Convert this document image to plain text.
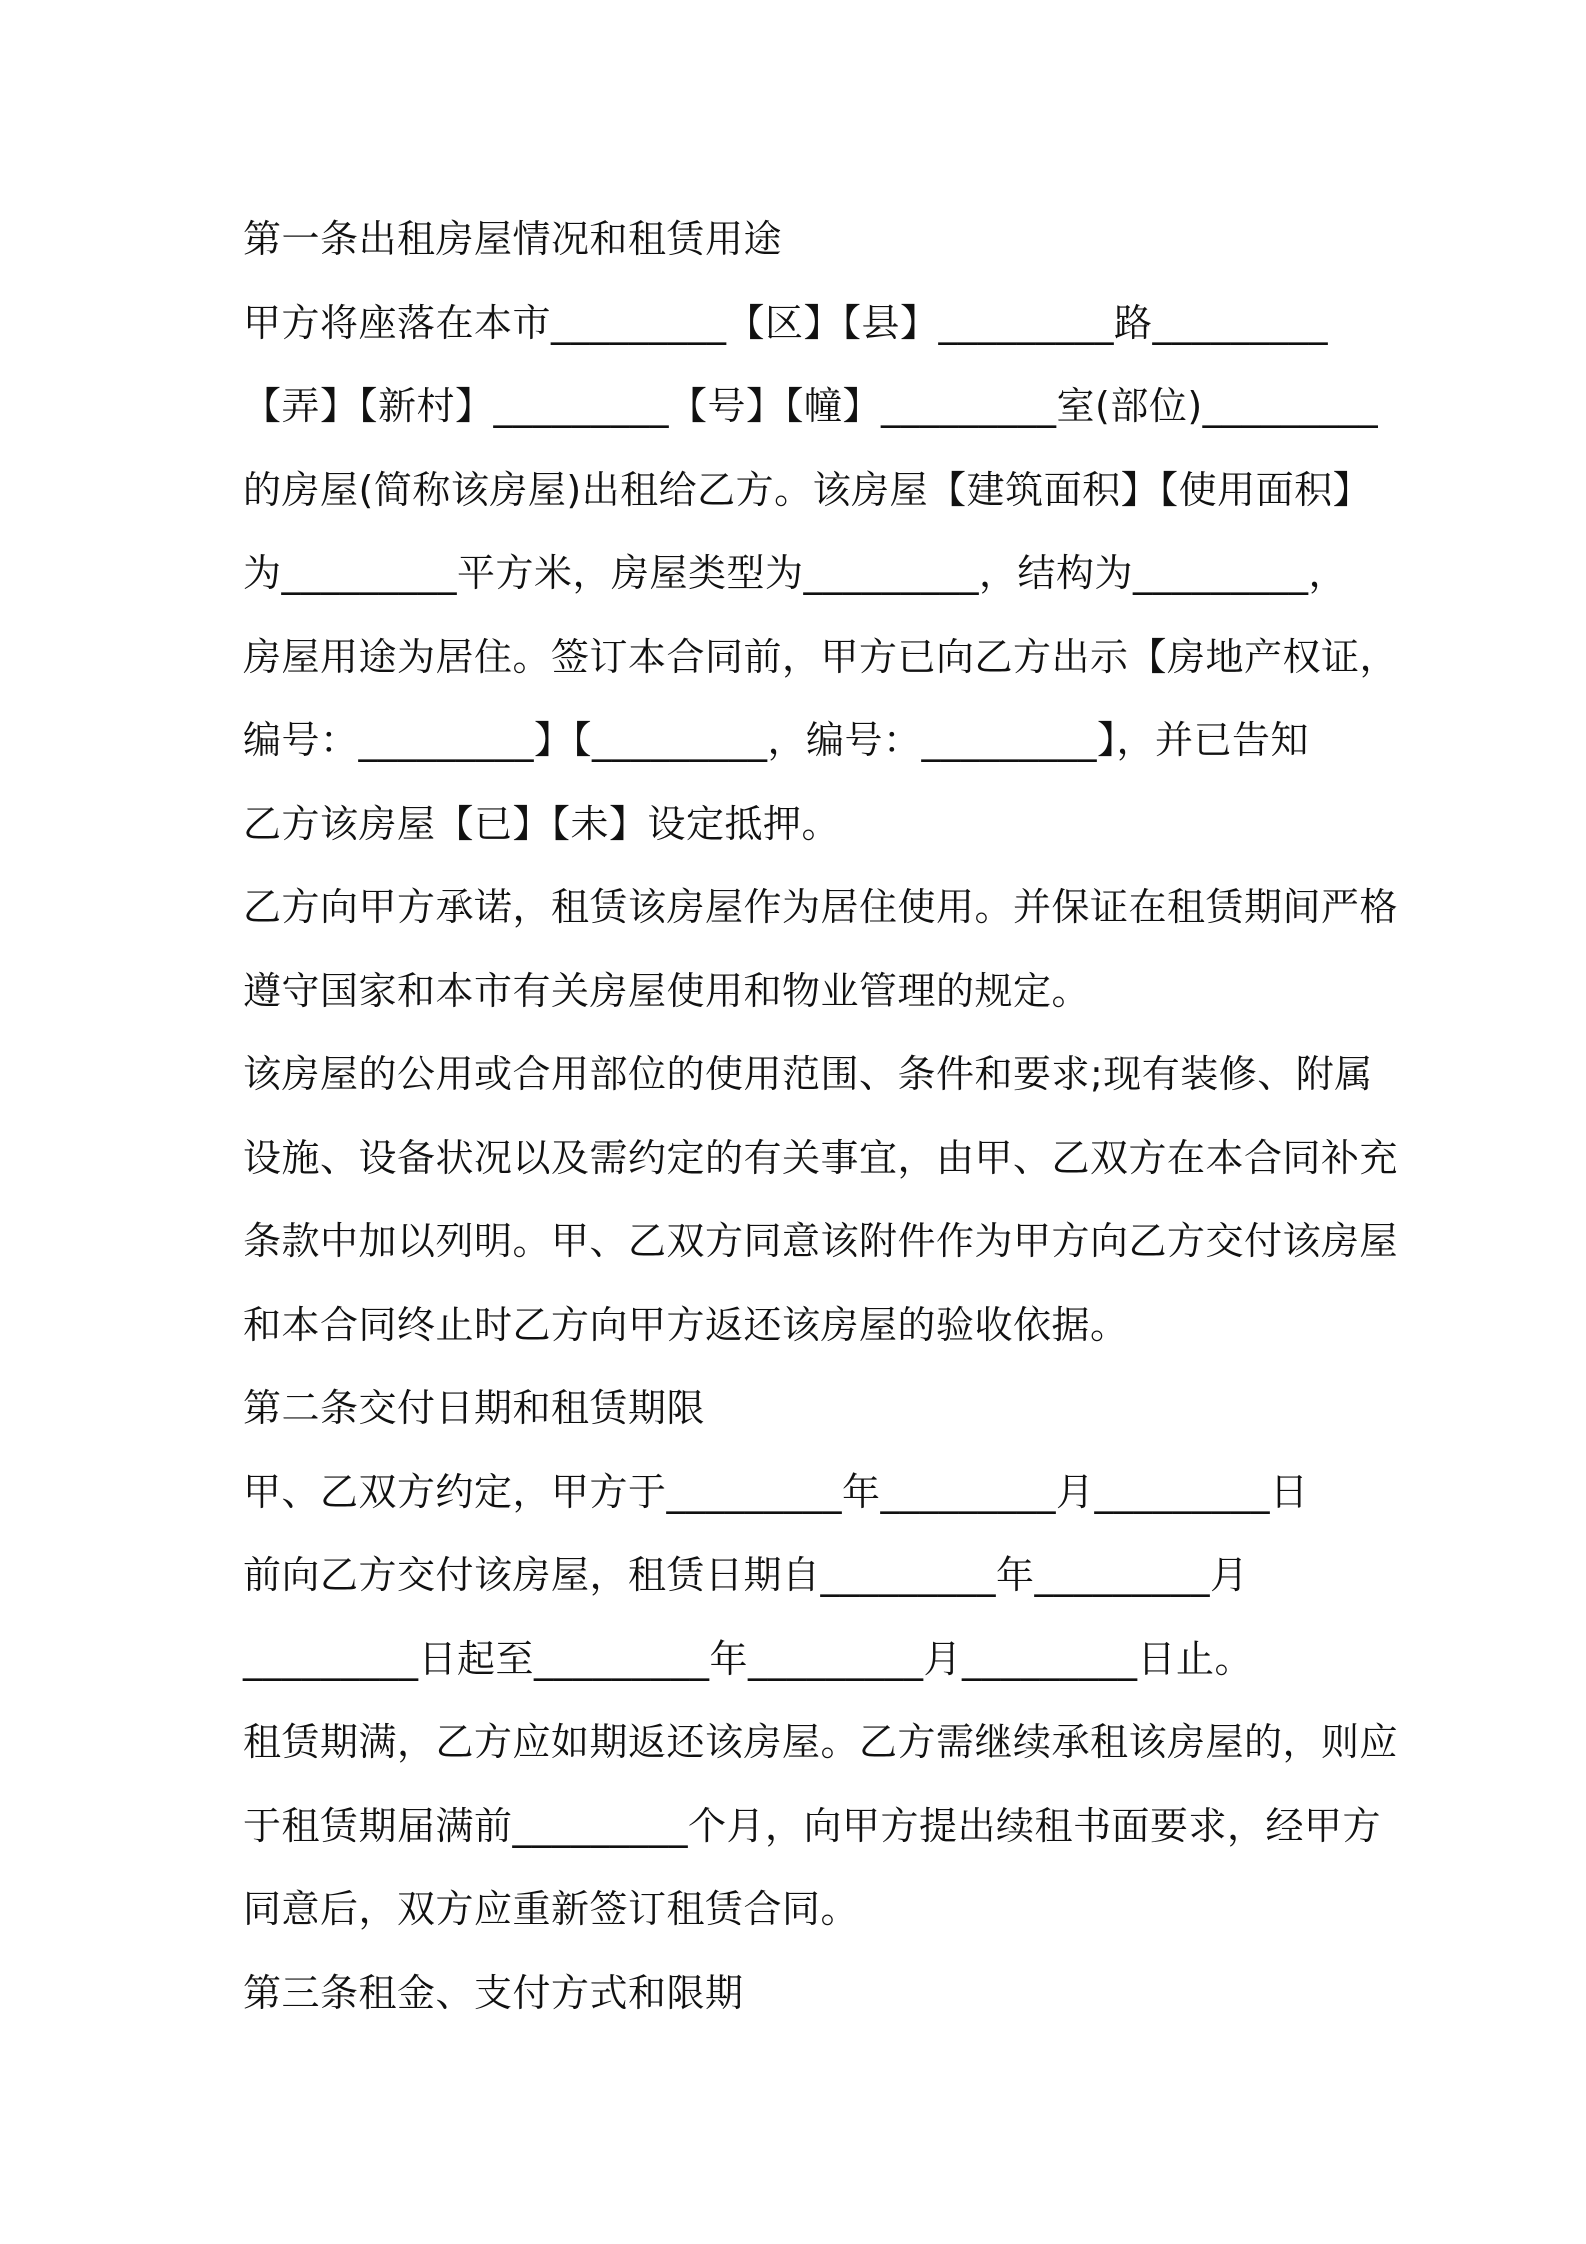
第一条出租房屋情况和租赁用途
甲方将座落在本市_________【区】【县】_________路_________
【弄】【新村】_________【号】【幢】_________室(部位)_________
的房屋(简称该房屋)出租给乙方。该房屋【建筑面积】【使用面积】
为_________平方米，房屋类型为_________，结构为_________，
房屋用途为居住。签订本合同前，甲方已向乙方出示【房地产权证，
编号：_________】【_________，编号：_________】，并已告知
乙方该房屋【已】【未】设定抵押。
乙方向甲方承诺，租赁该房屋作为居住使用。并保证在租赁期间严格
遵守国家和本市有关房屋使用和物业管理的规定。
该房屋的公用或合用部位的使用范围、条件和要求;现有装修、附属
设施、设备状况以及需约定的有关事宜，由甲、乙双方在本合同补充
条款中加以列明。甲、乙双方同意该附件作为甲方向乙方交付该房屋
和本合同终止时乙方向甲方返还该房屋的验收依据。
第二条交付日期和租赁期限
甲、乙双方约定，甲方于_________年_________月_________日
前向乙方交付该房屋，租赁日期自_________年_________月
_________日起至_________年_________月_________日止。
租赁期满，乙方应如期返还该房屋。乙方需继续承租该房屋的，则应
于租赁期届满前_________个月，向甲方提出续租书面要求，经甲方
同意后，双方应重新签订租赁合同。
第三条租金、支付方式和限期
